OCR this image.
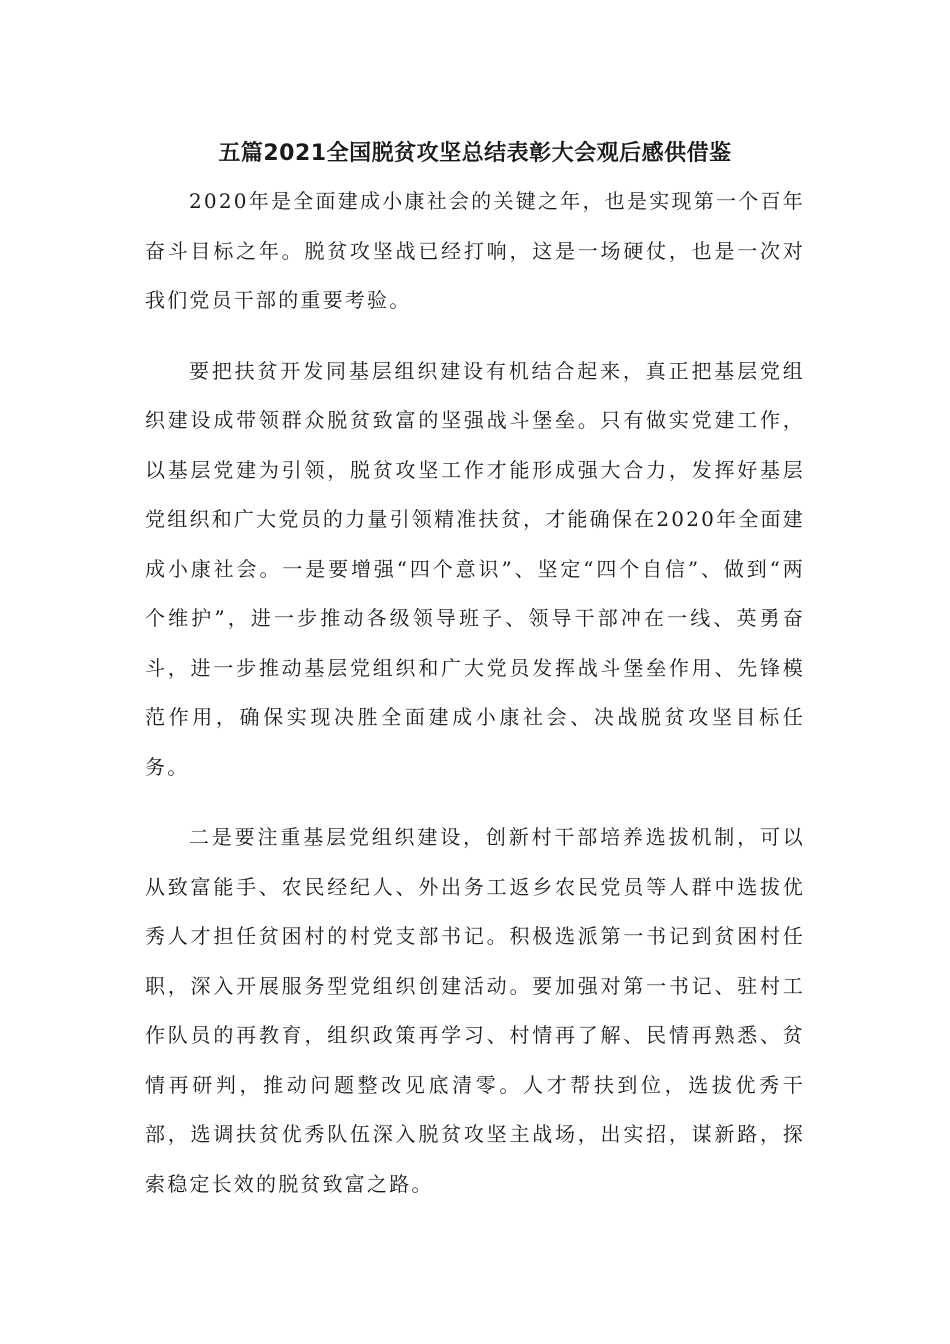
五篇2021全国脱贫攻坚总结表彰大会观后感供借鉴

2020年是全面建成小康社会的关键之年，也是实现第一个百年奋斗目标之年。脱贫攻坚战已经打响，这是一场硬仗，也是一次对我们党员干部的重要考验。

要把扶贫开发同基层组织建设有机结合起来，真正把基层党组织建设成带领群众脱贫致富的坚强战斗堡垒。只有做实党建工作，以基层党建为引领，脱贫攻坚工作才能形成强大合力，发挥好基层党组织和广大党员的力量引领精准扶贫，才能确保在2020年全面建成小康社会。一是要增强“四个意识”、坚定“四个自信”、做到“两个维护”，进一步推动各级领导班子、领导干部冲在一线、英勇奋斗，进一步推动基层党组织和广大党员发挥战斗堡垒作用、先锋模范作用，确保实现决胜全面建成小康社会、决战脱贫攻坚目标任务。

二是要注重基层党组织建设，创新村干部培养选拔机制，可以从致富能手、农民经纪人、外出务工返乡农民党员等人群中选拔优秀人才担任贫困村的村党支部书记。积极选派第一书记到贫困村任职，深入开展服务型党组织创建活动。要加强对第一书记、驻村工作队员的再教育，组织政策再学习、村情再了解、民情再熟悉、贫情再研判，推动问题整改见底清零。人才帮扶到位，选拔优秀干部，选调扶贫优秀队伍深入脱贫攻坚主战场，出实招，谋新路，探索稳定长效的脱贫致富之路。
